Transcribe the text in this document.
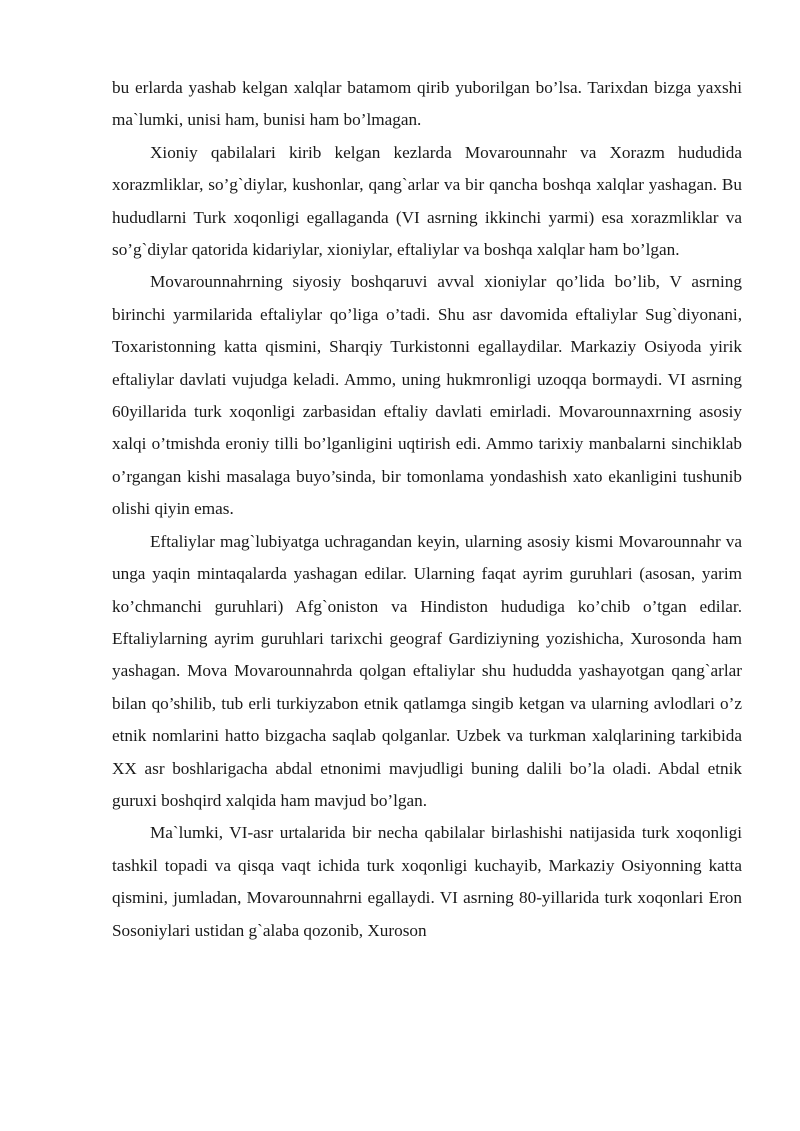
bu erlarda yashab kelgan xalqlar batamom qirib yuborilgan bo’lsa. Tarixdan bizga yaxshi ma`lumki, unisi ham, bunisi ham bo’lmagan.

Xioniy qabilalari kirib kelgan kezlarda Movarounnahr va Xorazm hududida xorazmliklar, so’g`diylar, kushonlar, qang`arlar va bir qancha boshqa xalqlar yashagan. Bu hududlarni Turk xoqonligi egallaganda (VI asrning ikkinchi yarmi) esa xorazmliklar va so’g`diylar qatorida kidariylar, xioniylar, eftaliylar va boshqa xalqlar ham bo’lgan.

Movarounnahrning siyosiy boshqaruvi avval xioniylar qo’lida bo’lib, V asrning birinchi yarmilarida eftaliylar qo’liga o’tadi. Shu asr davomida eftaliylar Sug`diyonani, Toxaristonning katta qismini, Sharqiy Turkistonni egallaydilar. Markaziy Osiyoda yirik eftaliylar davlati vujudga keladi. Ammo, uning hukmronligi uzoqqa bormaydi. VI asrning 60yillarida turk xoqonligi zarbasidan eftaliy davlati emirladi. Movarounnaxrning asosiy xalqi o’tmishda eroniy tilli bo’lganligini uqtirish edi. Ammo tarixiy manbalarni sinchiklab o’rgangan kishi masalaga buyo’sinda, bir tomonlama yondashish xato ekanligini tushunib olishi qiyin emas.

Eftaliylar mag`lubiyatga uchragandan keyin, ularning asosiy kismi Movarounnahr va unga yaqin mintaqalarda yashagan edilar. Ularning faqat ayrim guruhlari (asosan, yarim ko’chmanchi guruhlari) Afg`oniston va Hindiston hududiga ko’chib o’tgan edilar. Eftaliylarning ayrim guruhlari tarixchi geograf Gardiziyning yozishicha, Xurosonda ham yashagan. Mova Movarounnahrda qolgan eftaliylar shu hududda yashayotgan qang`arlar bilan qo’shilib, tub erli turkiyzabon etnik qatlamga singib ketgan va ularning avlodlari o’z etnik nomlarini hatto bizgacha saqlab qolganlar. Uzbek va turkman xalqlarining tarkibida XX asr boshlarigacha abdal etnonimi mavjudligi buning dalili bo’la oladi. Abdal etnik guruxi boshqird xalqida ham mavjud bo’lgan.

Ma`lumki, VI-asr urtalarida bir necha qabilalar birlashishi natijasida turk xoqonligi tashkil topadi va qisqa vaqt ichida turk xoqonligi kuchayib, Markaziy Osiyonning katta qismini, jumladan, Movarounnahrni egallaydi. VI asrning 80-yillarida turk xoqonlari Eron Sosoniylari ustidan g`alaba qozonib, Xuroson
